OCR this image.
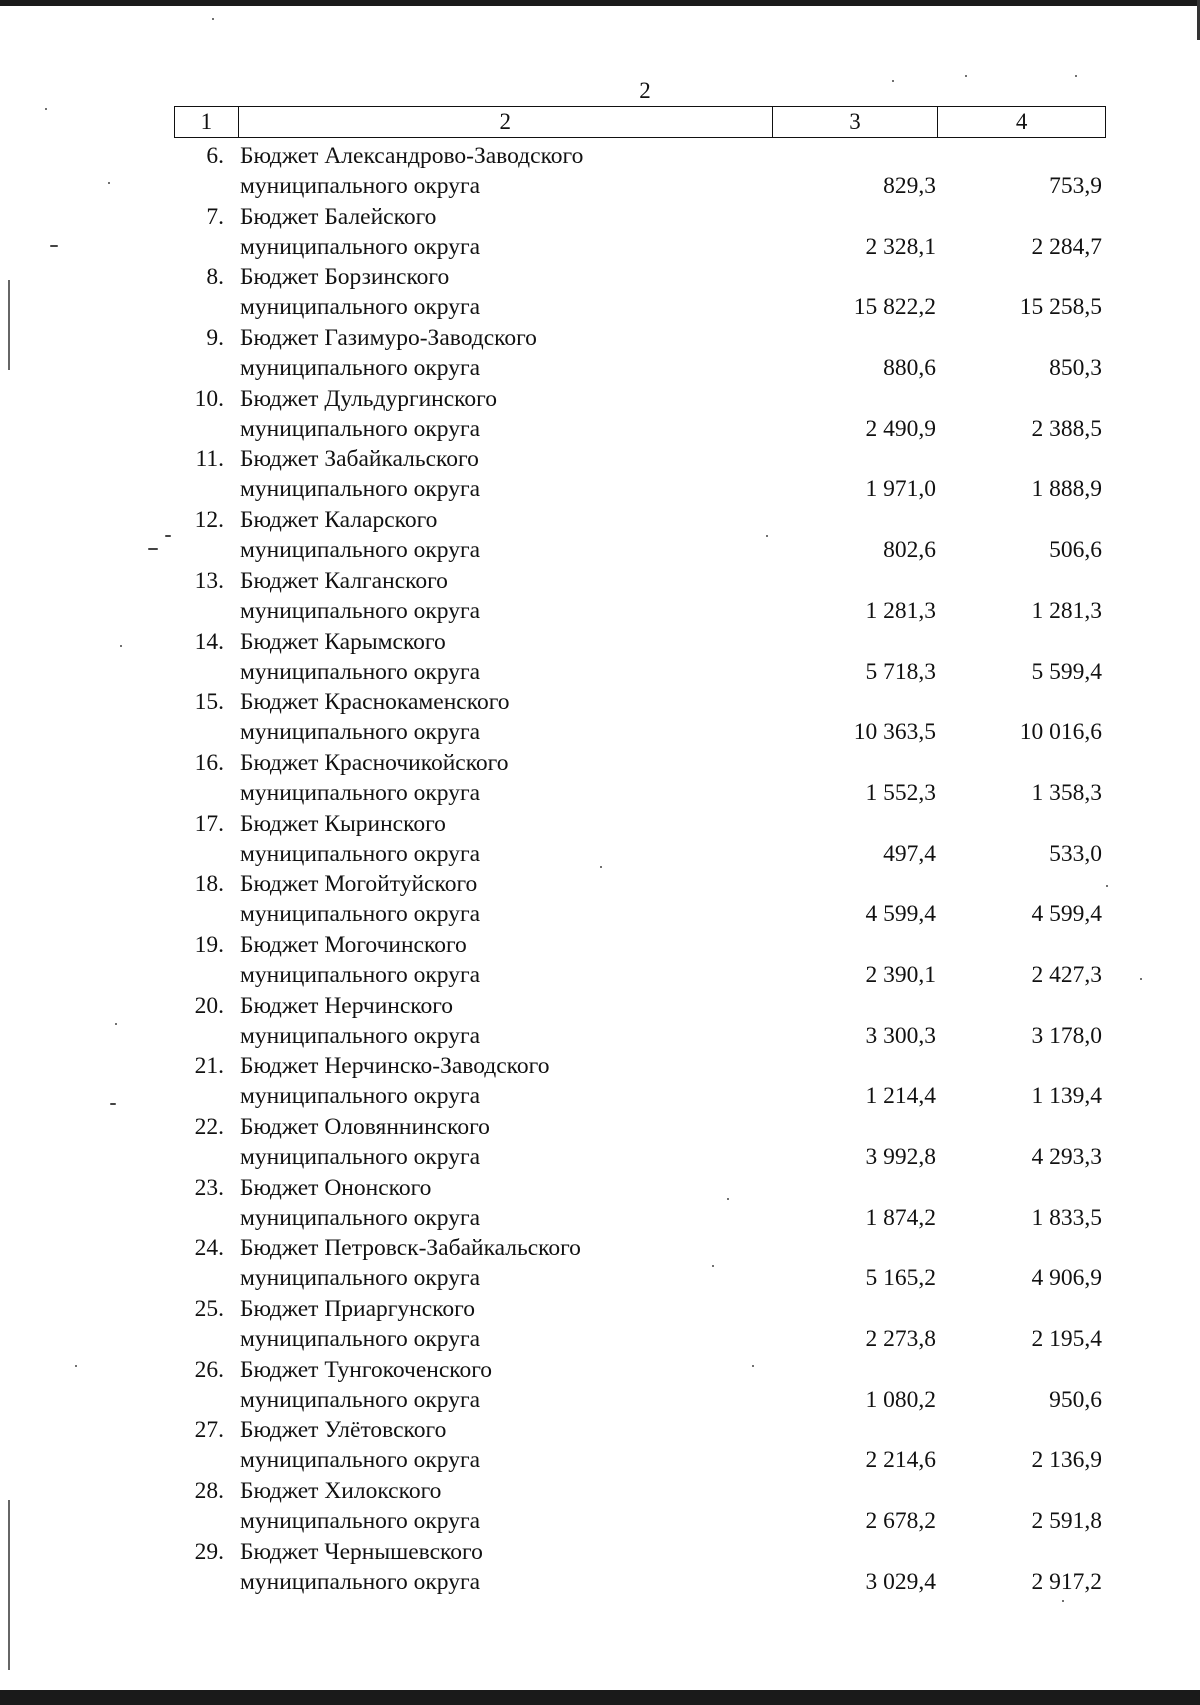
2
1	2	3	4
6. Бюджет Александрово-Заводского
муниципального округа	829,3	753,9
7. Бюджет Балейского
муниципального округа	2 328,1	2 284,7
8. Бюджет Борзинского
муниципального округа	15 822,2	15 258,5
9. Бюджет Газимуро-Заводского
муниципального округа	880,6	850,3
10. Бюджет Дульдургинского
муниципального округа	2 490,9	2 388,5
11. Бюджет Забайкальского
муниципального округа	1 971,0	1 888,9
12. Бюджет Каларского
муниципального округа	802,6	506,6
13. Бюджет Калганского
муниципального округа	1 281,3	1 281,3
14. Бюджет Карымского
муниципального округа	5 718,3	5 599,4
15. Бюджет Краснокаменского
муниципального округа	10 363,5	10 016,6
16. Бюджет Красночикойского
муниципального округа	1 552,3	1 358,3
17. Бюджет Кыринского
муниципального округа	497,4	533,0
18. Бюджет Могойтуйского
муниципального округа	4 599,4	4 599,4
19. Бюджет Могочинского
муниципального округа	2 390,1	2 427,3
20. Бюджет Нерчинского
муниципального округа	3 300,3	3 178,0
21. Бюджет Нерчинско-Заводского
муниципального округа	1 214,4	1 139,4
22. Бюджет Оловяннинского
муниципального округа	3 992,8	4 293,3
23. Бюджет Ононского
муниципального округа	1 874,2	1 833,5
24. Бюджет Петровск-Забайкальского
муниципального округа	5 165,2	4 906,9
25. Бюджет Приаргунского
муниципального округа	2 273,8	2 195,4
26. Бюджет Тунгокоченского
муниципального округа	1 080,2	950,6
27. Бюджет Улётовского
муниципального округа	2 214,6	2 136,9
28. Бюджет Хилокского
муниципального округа	2 678,2	2 591,8
29. Бюджет Чернышевского
муниципального округа	3 029,4	2 917,2
